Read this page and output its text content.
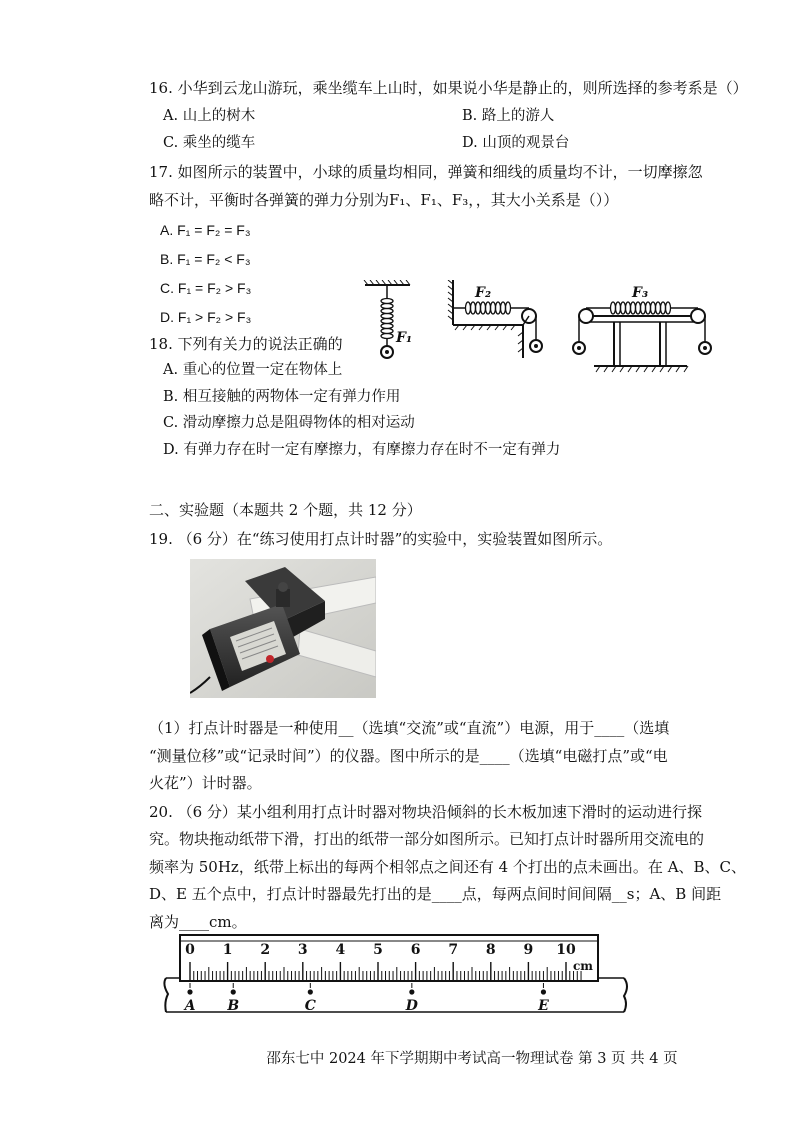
16. 小华到云龙山游玩，乘坐缆车上山时，如果说小华是静止的，则所选择的参考系是（）
A. 山上的树木	B. 路上的游人
C. 乘坐的缆车	D. 山顶的观景台
17. 如图所示的装置中，小球的质量均相同，弹簧和细线的质量均不计，一切摩擦忽
略不计，平衡时各弹簧的弹力分别为F₁、F₁、F₃，，其大小关系是（））
A. F₁ = F₂ = F₃
B. F₁ = F₂ < F₃
C. F₁ = F₂ > F₃
D. F₁ > F₂ > F₃
F₁
F₂	F₃
18. 下列有关力的说法正确的
A. 重心的位置一定在物体上
B. 相互接触的两物体一定有弹力作用
C. 滑动摩擦力总是阻碍物体的相对运动
D. 有弹力存在时一定有摩擦力，有摩擦力存在时不一定有弹力
二、实验题（本题共 2 个题，共 12 分）
19. （6 分）在“练习使用打点计时器”的实验中，实验装置如图所示。
（1）打点计时器是一种使用__（选填“交流”或“直流”）电源，用于____（选填
“测量位移”或“记录时间”）的仪器。图中所示的是____（选填“电磁打点”或“电
火花”）计时器。
20. （6 分）某小组利用打点计时器对物块沿倾斜的长木板加速下滑时的运动进行探
究。物块拖动纸带下滑，打出的纸带一部分如图所示。已知打点计时器所用交流电的
频率为 50Hz，纸带上标出的每两个相邻点之间还有 4 个打出的点未画出。在 A、B、C、
D、E 五个点中，打点计时器最先打出的是____点，每两点间时间间隔__s；A、B 间距
离为____cm。
0 1 2 3 4 5 6 7 8 9 10
cm
A B	C	D	E
邵东七中 2024 年下学期期中考试高一物理试卷 第 3 页 共 4 页
